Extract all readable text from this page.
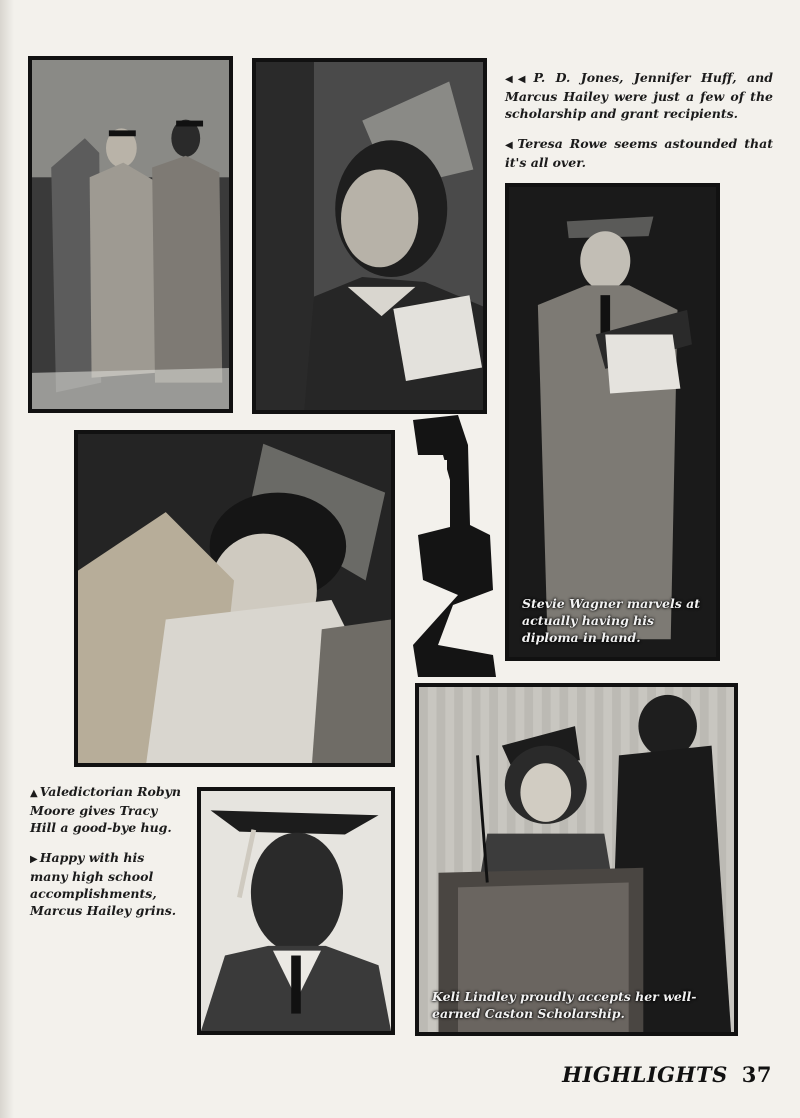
◀◀ P. D. Jones, Jennifer Huff, and Marcus Hailey were just a few of the scholarship and grant recipients.

◀ Teresa Rowe seems astounded that it's all over.

Stevie Wagner marvels at actually having his diploma in hand.

▲ Valedictorian Robyn Moore gives Tracy Hill a good-bye hug.

▶ Happy with his many high school accomplishments, Marcus Hailey grins.

Keli Lindley proudly accepts her well-earned Caston Scholarship.

HIGHLIGHTS 37
